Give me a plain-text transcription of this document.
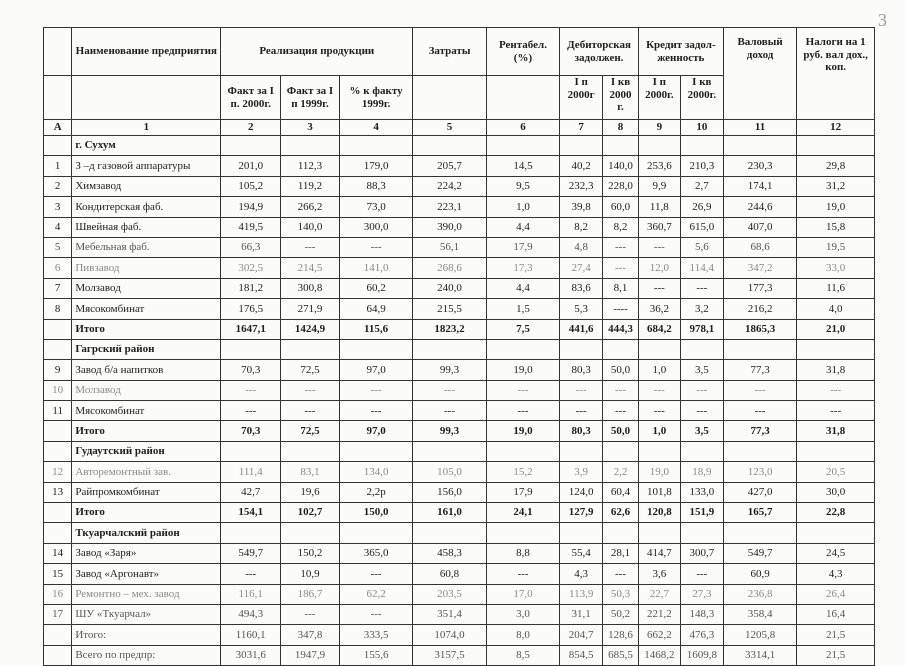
3
	Наименование предприятия	Реализация продукции			Затраты	Рентабел. (%)	Дебиторская задолжен.		Кредит задол-женность		Валовый доход	Налоги на 1 руб. вал дох., коп.
		Факт за I п. 2000г.	Факт за I п 1999г.	% к факту 1999г.			I п 2000г	I кв 2000 г.	I п 2000г.	I кв 2000г.		
А	1	2	3	4	5	6	7	8	9	10	11	12
	г. Сухум											
1	З –д газовой аппаратуры	201,0	112,3	179,0	205,7	14,5	40,2	140,0	253,6	210,3	230,3	29,8
2	Химзавод	105,2	119,2	88,3	224,2	9,5	232,3	228,0	9,9	2,7	174,1	31,2
3	Кондитерская фаб.	194,9	266,2	73,0	223,1	1,0	39,8	60,0	11,8	26,9	244,6	19,0
4	Швейная фаб.	419,5	140,0	300,0	390,0	4,4	8,2	8,2	360,7	615,0	407,0	15,8
5	Мебельная фаб.	66,3	---	---	56,1	17,9	4,8	---	---	5,6	68,6	19,5
6	Пивзавод	302,5	214,5	141,0	268,6	17,3	27,4	---	12,0	114,4	347,2	33,0
7	Молзавод	181,2	300,8	60,2	240,0	4,4	83,6	8,1	---	---	177,3	11,6
8	Мясокомбинат	176,5	271,9	64,9	215,5	1,5	5,3	----	36,2	3,2	216,2	4,0
	Итого	1647,1	1424,9	115,6	1823,2	7,5	441,6	444,3	684,2	978,1	1865,3	21,0
	Гагрский район											
9	Завод б/а напитков	70,3	72,5	97,0	99,3	19,0	80,3	50,0	1,0	3,5	77,3	31,8
10	Молзавод	---	---	---	---	---	---	---	---	---	---	---
11	Мясокомбинат	---	---	---	---	---	---	---	---	---	---	---
	Итого	70,3	72,5	97,0	99,3	19,0	80,3	50,0	1,0	3,5	77,3	31,8
	Гудаутский район											
12	Авторемонтный зав.	111,4	83,1	134,0	105,0	15,2	3,9	2,2	19,0	18,9	123,0	20,5
13	Райпромкомбинат	42,7	19,6	2,2р	156,0	17,9	124,0	60,4	101,8	133,0	427,0	30,0
	Итого	154,1	102,7	150,0	161,0	24,1	127,9	62,6	120,8	151,9	165,7	22,8
	Ткуарчалский район											
14	Завод «Заря»	549,7	150,2	365,0	458,3	8,8	55,4	28,1	414,7	300,7	549,7	24,5
15	Завод «Аргонавт»	---	10,9	---	60,8	---	4,3	---	3,6	---	60,9	4,3
16	Ремонтно – мех. завод	116,1	186,7	62,2	203,5	17,0	113,9	50,3	22,7	27,3	236,8	26,4
17	ШУ «Ткуарчал»	494,3	---	---	351,4	3,0	31,1	50,2	221,2	148,3	358,4	16,4
	Итого:	1160,1	347,8	333,5	1074,0	8,0	204,7	128,6	662,2	476,3	1205,8	21,5
	Всего по предпр:	3031,6	1947,9	155,6	3157,5	8,5	854,5	685,5	1468,2	1609,8	3314,1	21,5
